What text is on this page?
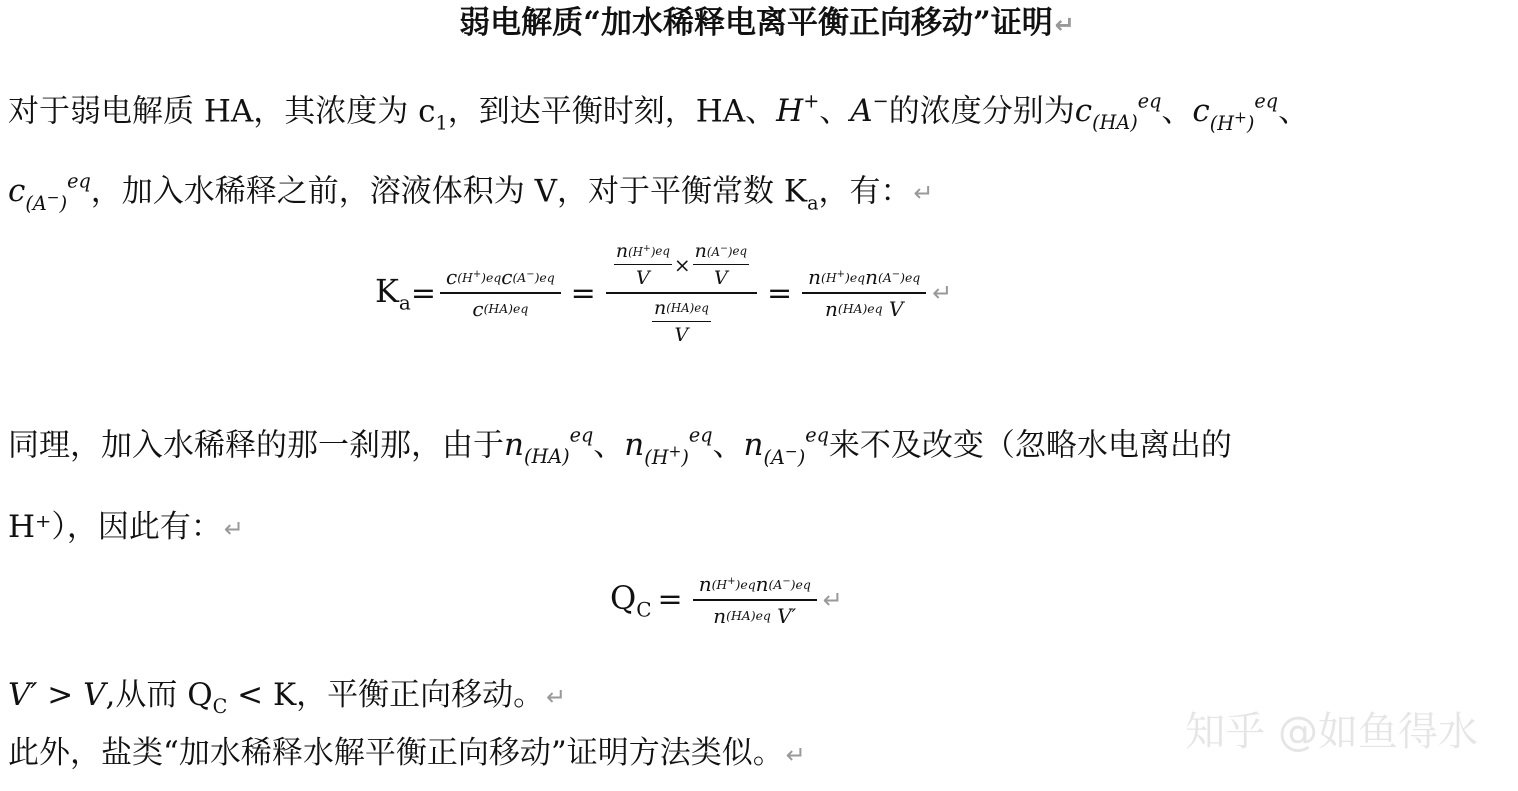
弱电解质“加水稀释电离平衡正向移动”证明↵
对于弱电解质 HA，其浓度为 $c_1$，到达平衡时刻，HA、H+、A−的浓度分别为$c_{(HA)}^{eq}$、$c_{(H^+)}^{eq}$、
$c_{(A^-)}^{eq}$，加入水稀释之前，溶液体积为 V，对于平衡常数 $K_a$，有：↵
$K_a = \frac{c (H^+) eq c (A^-) eq}{c (HA) eq} = \frac{\frac{n (H^+) eq}{V} \times \frac{n (A^-) eq}{V}}{\frac{n (HA) eq}{V}} = \frac{n (H^+) eq n (A^-) eq}{\text{n (HA) eq V}}$ ↵
同理，加入水稀释的那一刹那，由于$n_{(HA)}^{eq}$、$n_{(H^+)}^{eq}$、$n_{(A^-)}^{eq}$来不及改变（忽略水电离出的
H⁺），因此有：↵
$Q_C = \frac{n (H^+) eq n (A^-) eq}{\text{n (HA) eq V′}}$ ↵
V′ > V,从而 $Q_C < K$，平衡正向移动。↵
此外，盐类“加水稀释水解平衡正向移动”证明方法类似。↵	知乎 @如鱼得水
